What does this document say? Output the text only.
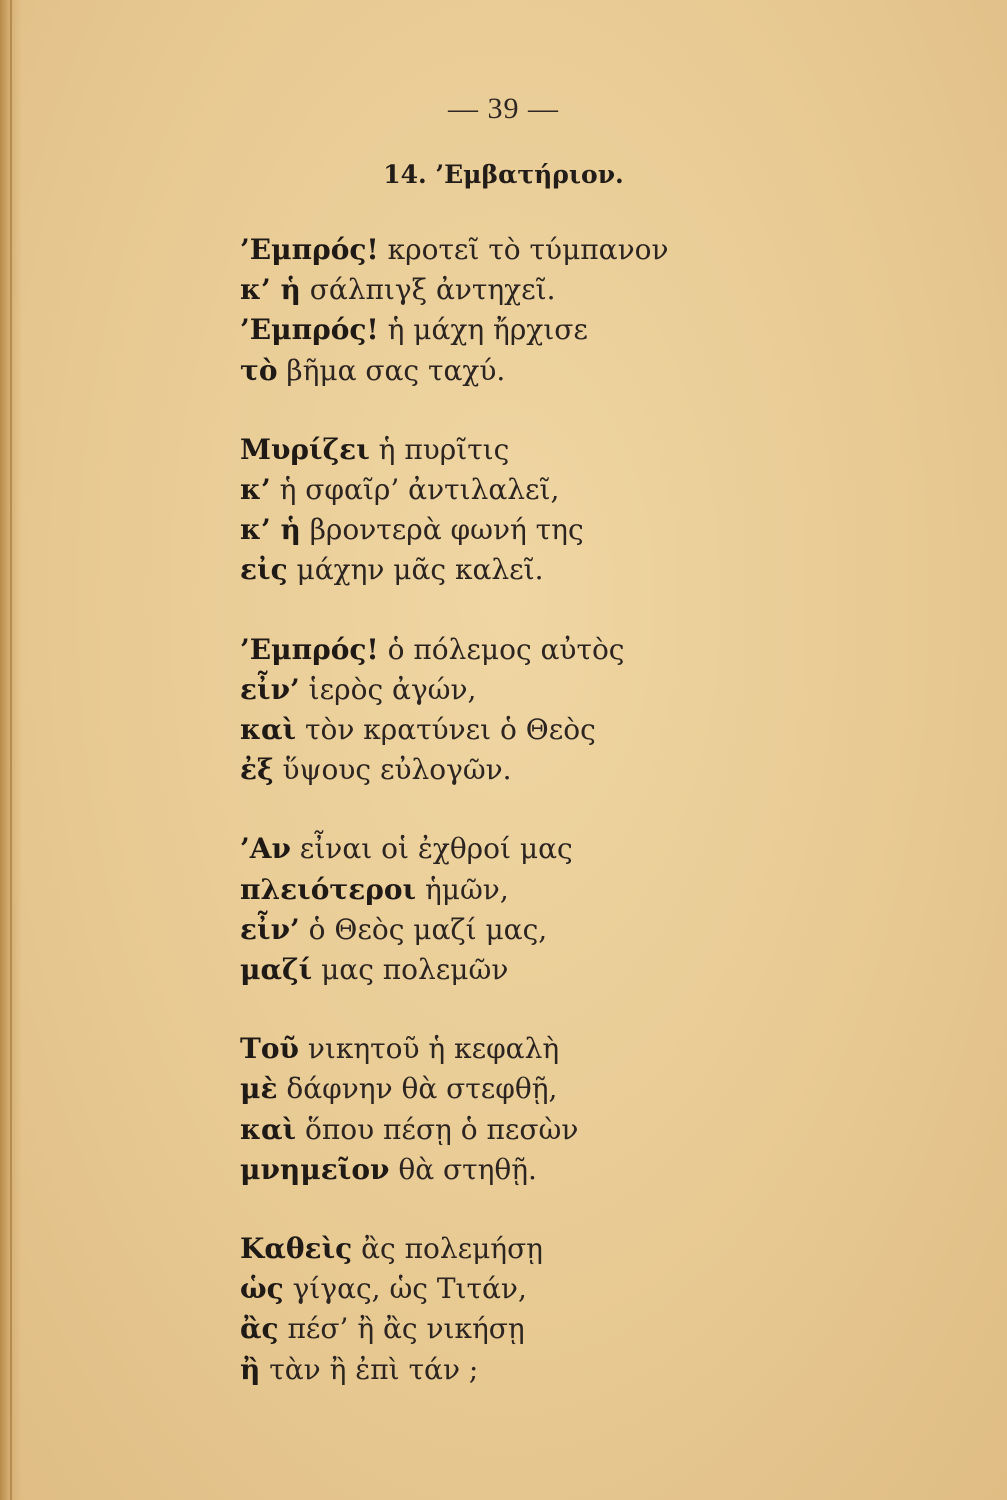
— 39 —
14. ’Εμβατήριον.

’Εμπρός! κροτεῖ τὸ τύμπανον
κ’ ἡ σάλπιγξ ἀντηχεῖ.
’Εμπρός! ἡ μάχη ἤρχισε
τὸ βῆμα σας ταχύ.

Μυρίζει ἡ πυρῖτις
κ’ ἡ σφαῖρ’ ἀντιλαλεῖ,
κ’ ἡ βροντερὰ φωνή της
εἰς μάχην μᾶς καλεῖ.

’Εμπρός! ὁ πόλεμος αὐτὸς
εἶν’ ἱερὸς ἀγών,
καὶ τὸν κρατύνει ὁ Θεὸς
ἐξ ὕψους εὐλογῶν.

’Αν εἶναι οἱ ἐχθροί μας
πλειότεροι ἡμῶν,
εἶν’ ὁ Θεὸς μαζί μας,
μαζί μας πολεμῶν

Τοῦ νικητοῦ ἡ κεφαλὴ
μὲ δάφνην θὰ στεφθῇ,
καὶ ὅπου πέσῃ ὁ πεσὼν
μνημεῖον θὰ στηθῇ.

Καθεὶς ἂς πολεμήσῃ
ὡς γίγας, ὡς Τιτάν,
ἂς πέσ’ ἢ ἂς νικήσῃ
ἢ τὰν ἢ ἐπὶ τάν ;
